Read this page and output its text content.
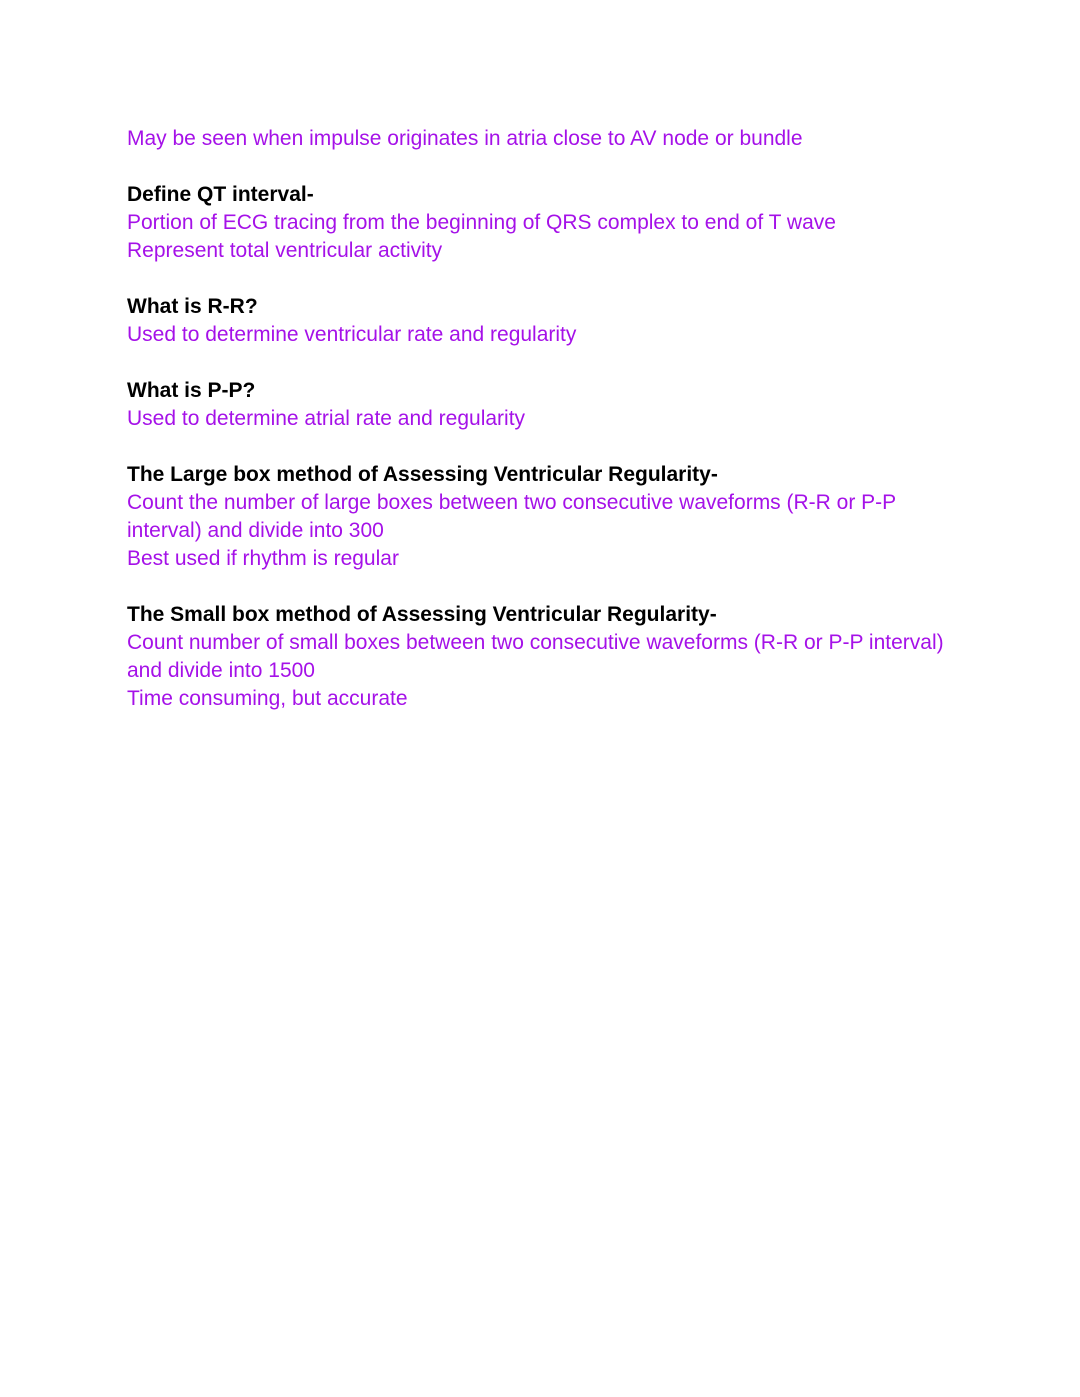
May be seen when impulse originates in atria close to AV node or bundle
Define QT interval-
Portion of ECG tracing from the beginning of QRS complex to end of T wave
Represent total ventricular activity
What is R-R?
Used to determine ventricular rate and regularity
What is P-P?
Used to determine atrial rate and regularity
The Large box method of Assessing Ventricular Regularity-
Count the number of large boxes between two consecutive waveforms (R-R or P-P
interval) and divide into 300
Best used if rhythm is regular
The Small box method of Assessing Ventricular Regularity-
Count number of small boxes between two consecutive waveforms (R-R or P-P interval)
and divide into 1500
Time consuming, but accurate
